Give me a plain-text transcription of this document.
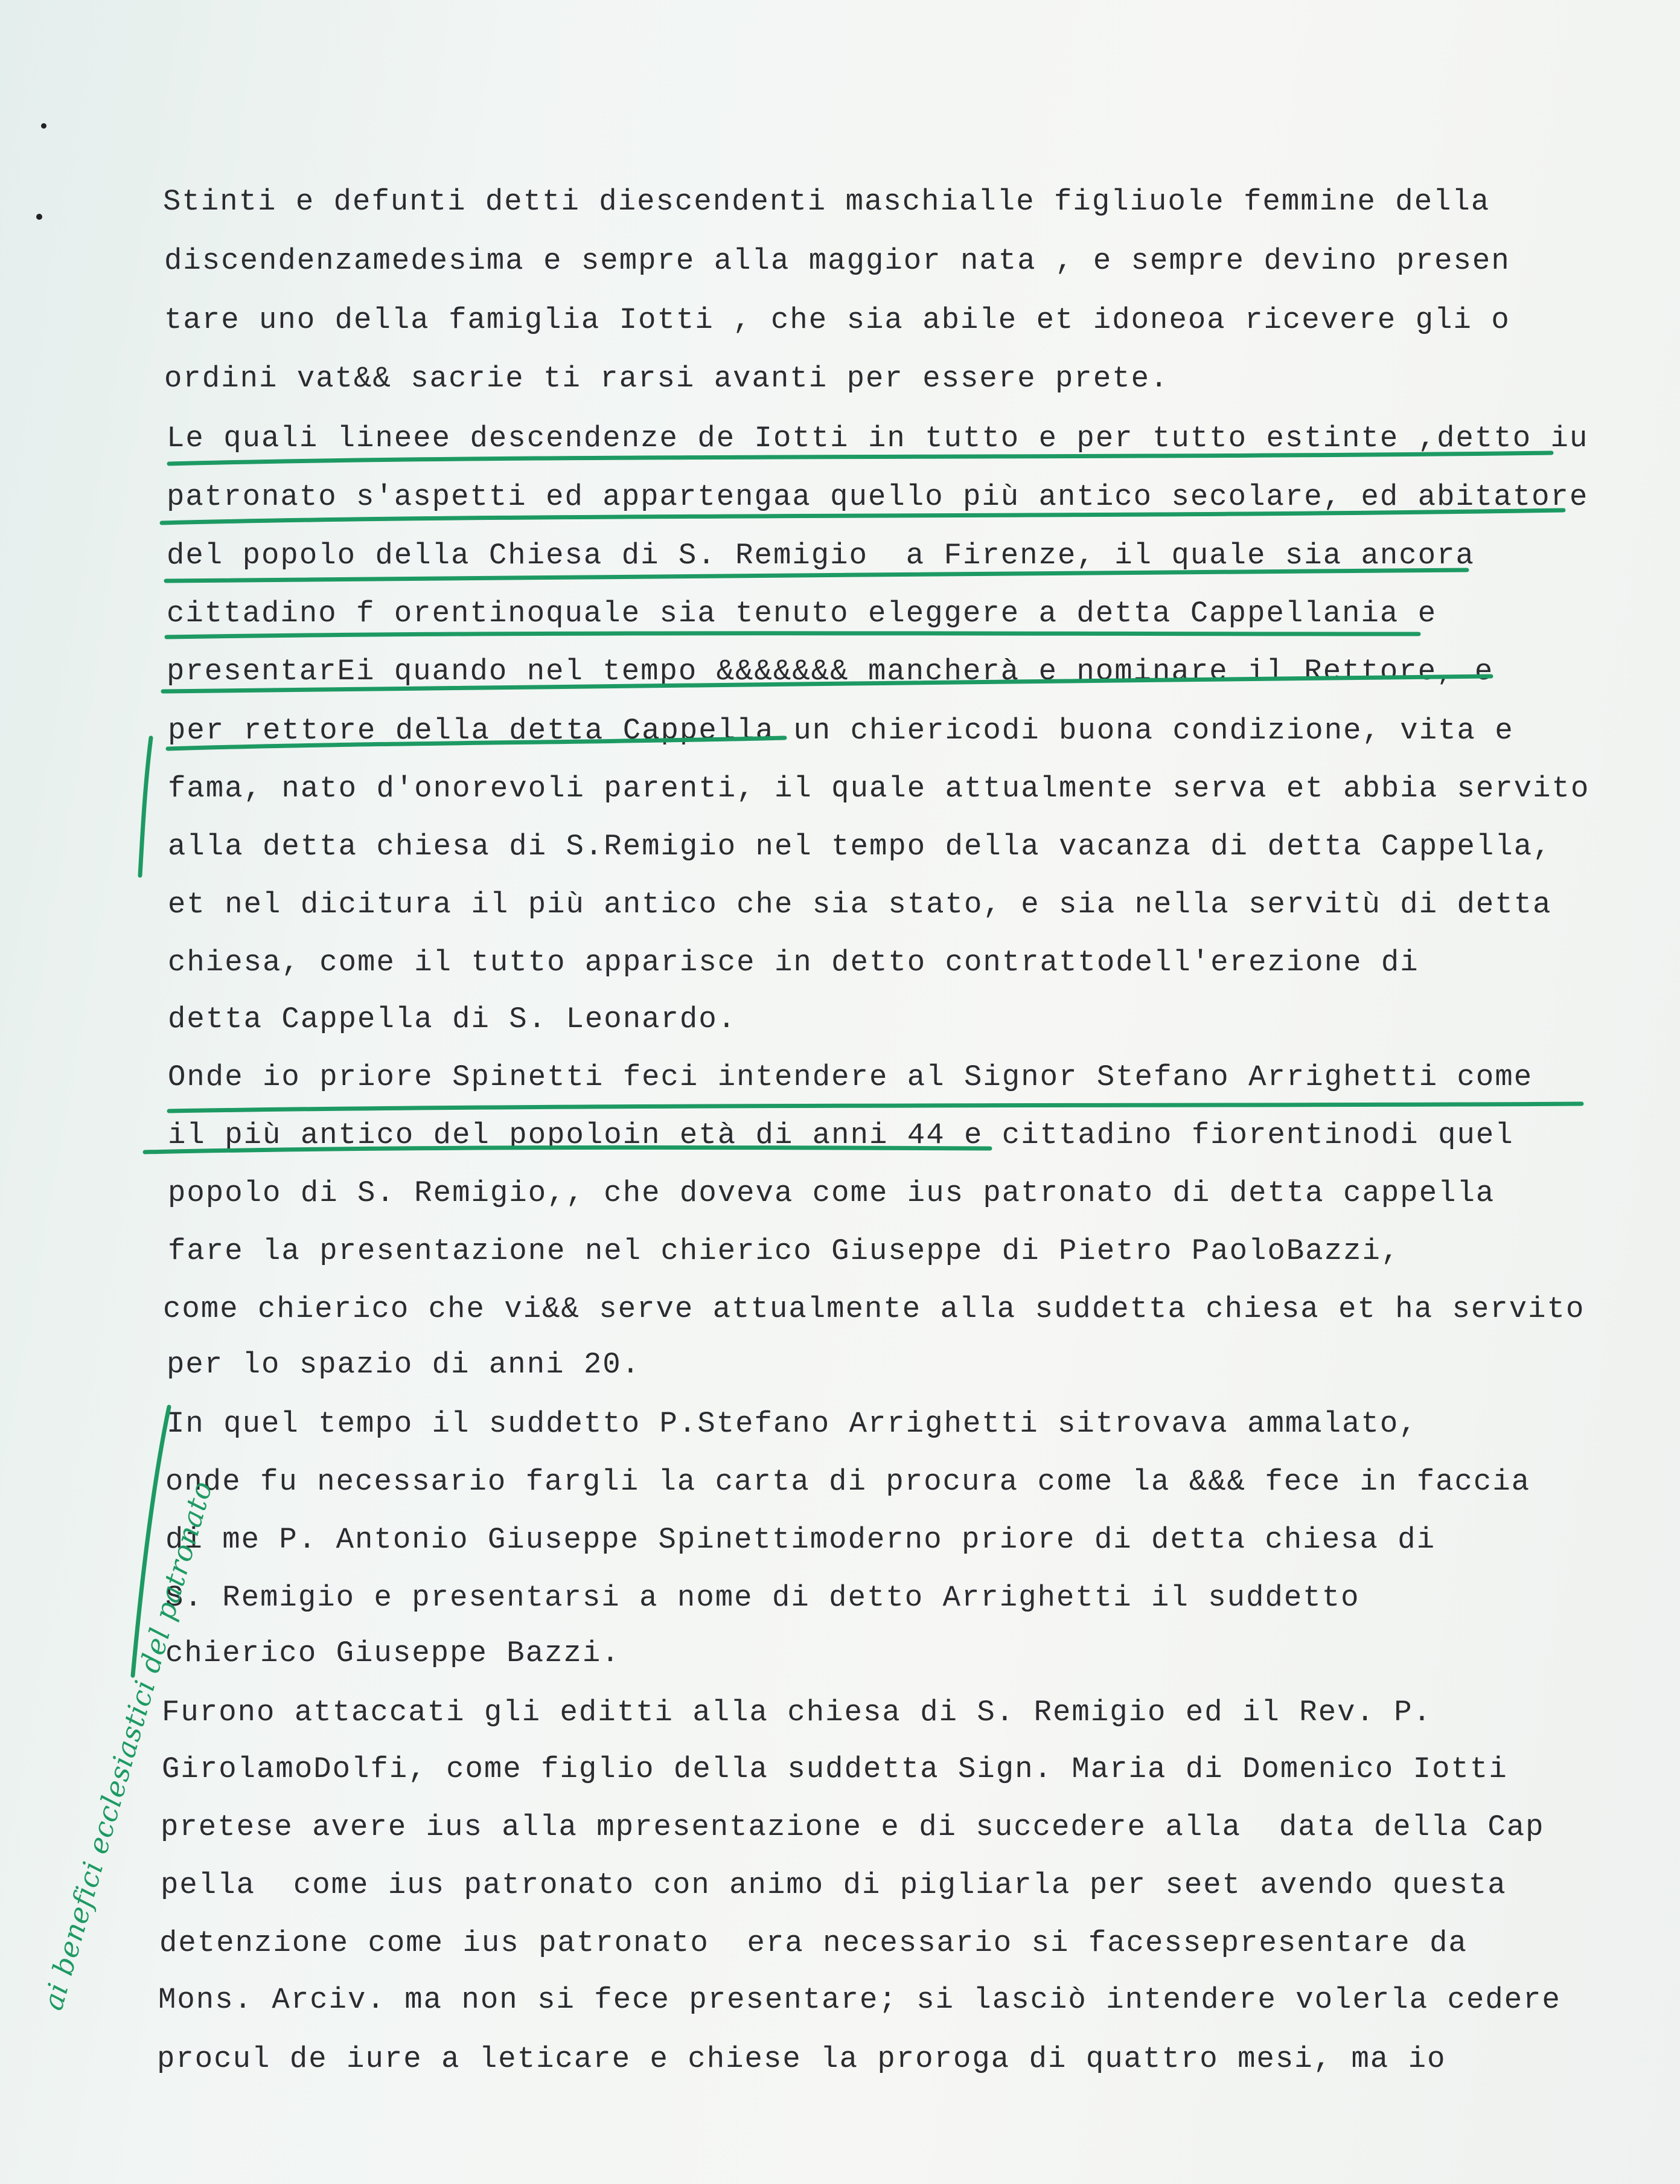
Stinti e defunti detti diescendenti maschialle figliuole femmine della
discendenzamedesima e sempre alla maggior nata , e sempre devino presen
tare uno della famiglia Iotti , che sia abile et idoneoa ricevere gli o
ordini vat&& sacrie ti rarsi avanti per essere prete.
Le quali lineee descendenze de Iotti in tutto e per tutto estinte ,detto iu
patronato s'aspetti ed appartengaa quello più antico secolare, ed abitatore
del popolo della Chiesa di S. Remigio  a Firenze, il quale sia ancora
cittadino f orentinoquale sia tenuto eleggere a detta Cappellania e
presentarEi quando nel tempo &&&&&&& mancherà e nominare il Rettore, e
per rettore della detta Cappella un chiericodi buona condizione, vita e
fama, nato d'onorevoli parenti, il quale attualmente serva et abbia servito
alla detta chiesa di S.Remigio nel tempo della vacanza di detta Cappella,
et nel dicitura il più antico che sia stato, e sia nella servitù di detta
chiesa, come il tutto apparisce in detto contrattodell'erezione di
detta Cappella di S. Leonardo.
Onde io priore Spinetti feci intendere al Signor Stefano Arrighetti come
il più antico del popoloin età di anni 44 e cittadino fiorentinodi quel
popolo di S. Remigio,, che doveva come ius patronato di detta cappella
fare la presentazione nel chierico Giuseppe di Pietro PaoloBazzi,
come chierico che vi&& serve attualmente alla suddetta chiesa et ha servito
per lo spazio di anni 20.
In quel tempo il suddetto P.Stefano Arrighetti sitrovava ammalato,
onde fu necessario fargli la carta di procura come la &&& fece in faccia
di me P. Antonio Giuseppe Spinettimoderno priore di detta chiesa di
S. Remigio e presentarsi a nome di detto Arrighetti il suddetto
chierico Giuseppe Bazzi.
Furono attaccati gli editti alla chiesa di S. Remigio ed il Rev. P.
GirolamoDolfi, come figlio della suddetta Sign. Maria di Domenico Iotti
pretese avere ius alla mpresentazione e di succedere alla  data della Cap
pella  come ius patronato con animo di pigliarla per seet avendo questa
detenzione come ius patronato  era necessario si facessepresentare da
Mons. Arciv. ma non si fece presentare; si lasciò intendere volerla cedere
procul de iure a leticare e chiese la proroga di quattro mesi, ma io
ai benefici ecclesiastici del patronato
